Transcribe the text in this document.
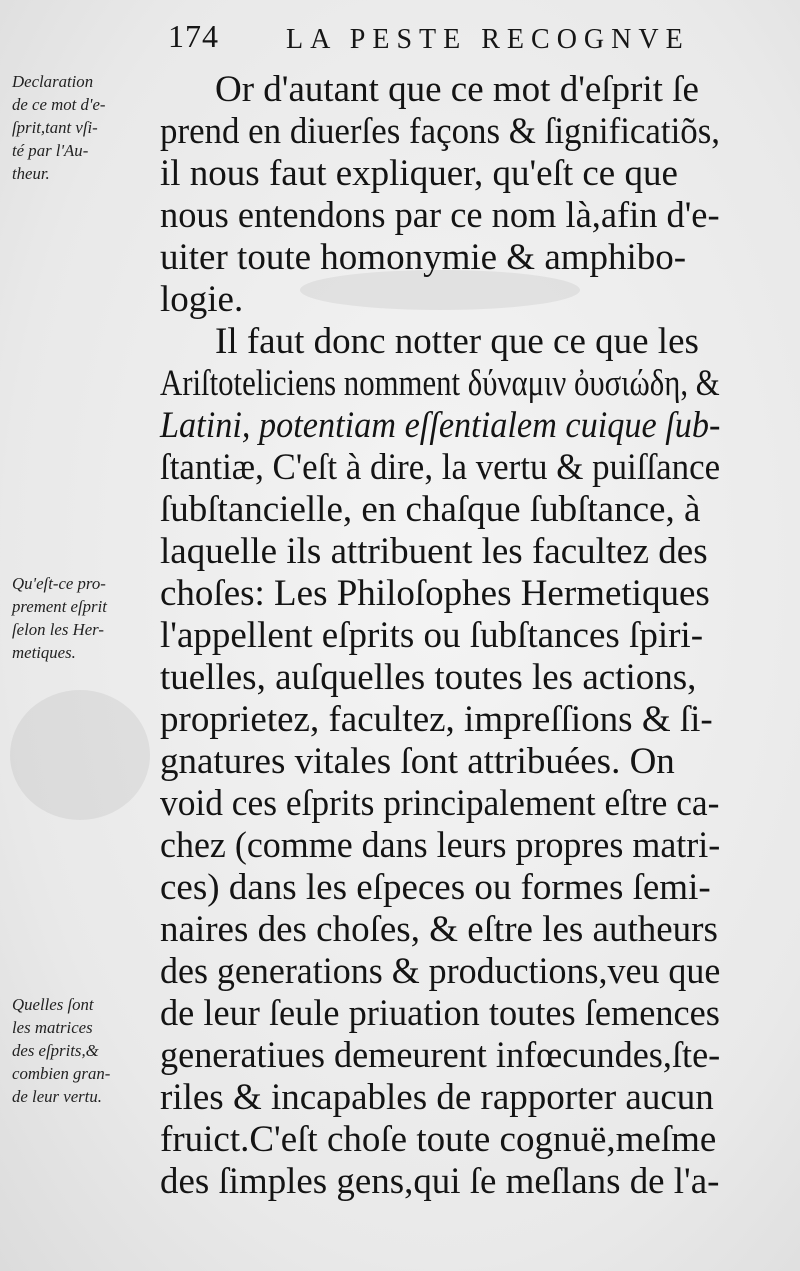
174 LA PESTE RECOGNVE
Declaration
de ce mot d'e-
ſprit,tant vſi-
té par l'Au-
theur.
Qu'eſt-ce pro-
prement eſprit
ſelon les Her-
metiques.
Quelles ſont
les matrices
des eſprits,&
combien gran-
de leur vertu.
Or d'autant que ce mot d'eſprit ſe
prend en diuerſes façons & ſignificatiõs,
il nous faut expliquer, qu'eſt ce que
nous entendons par ce nom là,afin d'e-
uiter toute homonymie & amphibo-
logie.
Il faut donc notter que ce que les
Ariſtoteliciens nomment δύναμιν ὀυσιώδη, &
Latini, potentiam eſſentialem cuique ſub-
ſtantiæ, C'eſt à dire, la vertu & puiſſance
ſubſtancielle, en chaſque ſubſtance, à
laquelle ils attribuent les facultez des
choſes: Les Philoſophes Hermetiques
l'appellent eſprits ou ſubſtances ſpiri-
tuelles, auſquelles toutes les actions,
proprietez, facultez, impreſſions & ſi-
gnatures vitales ſont attribuées. On
void ces eſprits principalement eſtre ca-
chez (comme dans leurs propres matri-
ces) dans les eſpeces ou formes ſemi-
naires des choſes, & eſtre les autheurs
des generations & productions,veu que
de leur ſeule priuation toutes ſemences
generatiues demeurent infœcundes,ſte-
riles & incapables de rapporter aucun
fruict.C'eſt choſe toute cognuë,meſme
des ſimples gens,qui ſe meſlans de l'a-
